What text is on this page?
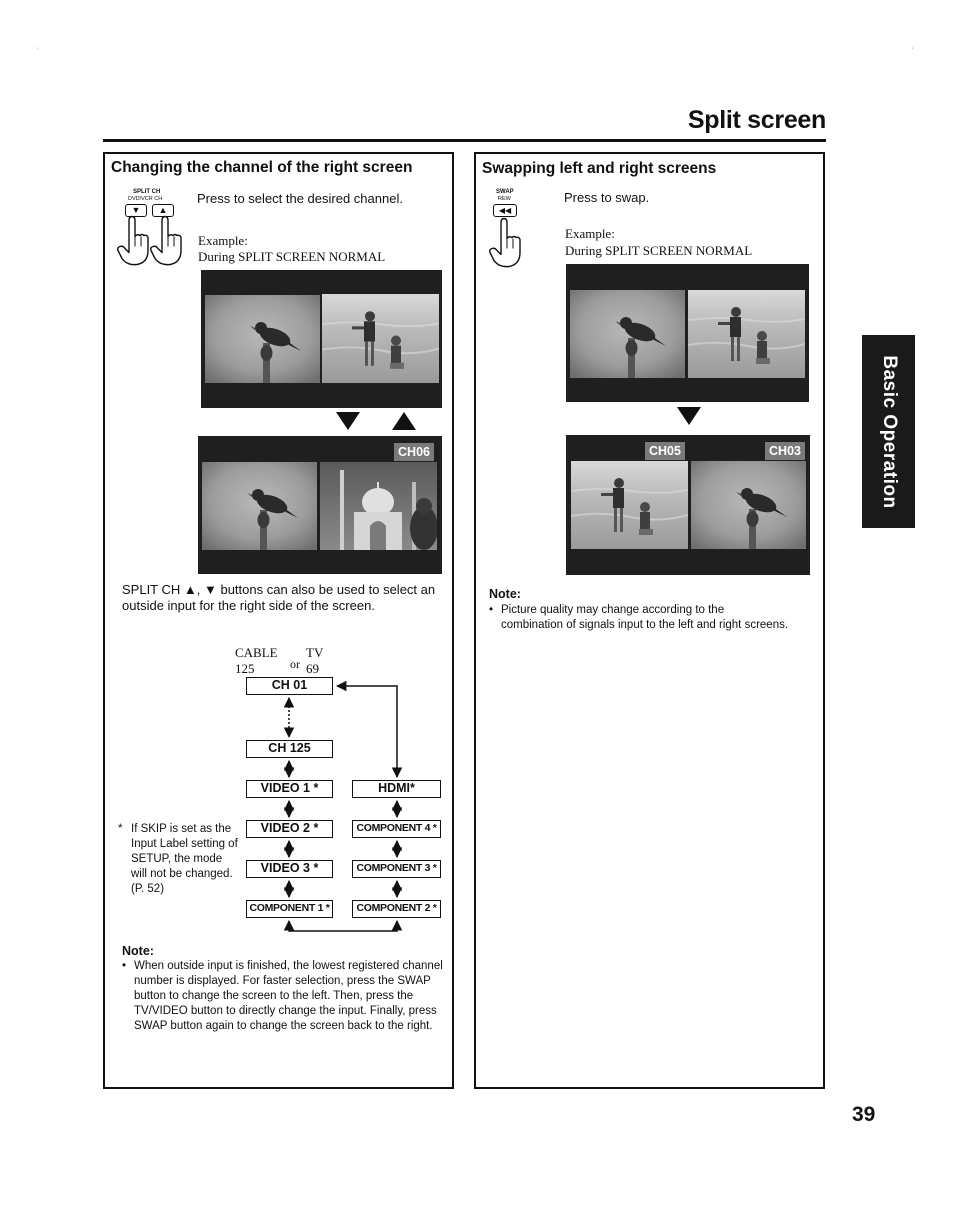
'	'
Split screen
Basic Operation
Changing the channel of the right screen
SPLIT CH
DVD/VCR CH
▼	▲
Press to select the desired channel.
Example:
During SPLIT SCREEN NORMAL
CH06
SPLIT CH ▲, ▼ buttons can also be used to select an outside input for the right side of the screen.
CABLE
125
TV
69
or
CH 01
CH 125
VIDEO 1 *
VIDEO 2 *
VIDEO 3 *
COMPONENT 1 *
HDMI*
COMPONENT 4 *
COMPONENT 3 *
COMPONENT 2 *
* If SKIP is set as the Input Label setting of SETUP, the mode will not be changed. (P. 52)
Note:
• When outside input is finished, the lowest registered channel number is displayed. For faster selection, press the SWAP button to change the screen to the left. Then, press the TV/VIDEO button to directly change the input. Finally, press SWAP button again to change the screen back to the right.
Swapping left and right screens
SWAP
REW
◀◀
Press to swap.
Example:
During SPLIT SCREEN NORMAL
CH05	CH03
Note:
• Picture quality may change according to the combination of signals input to the left and right screens.
39
